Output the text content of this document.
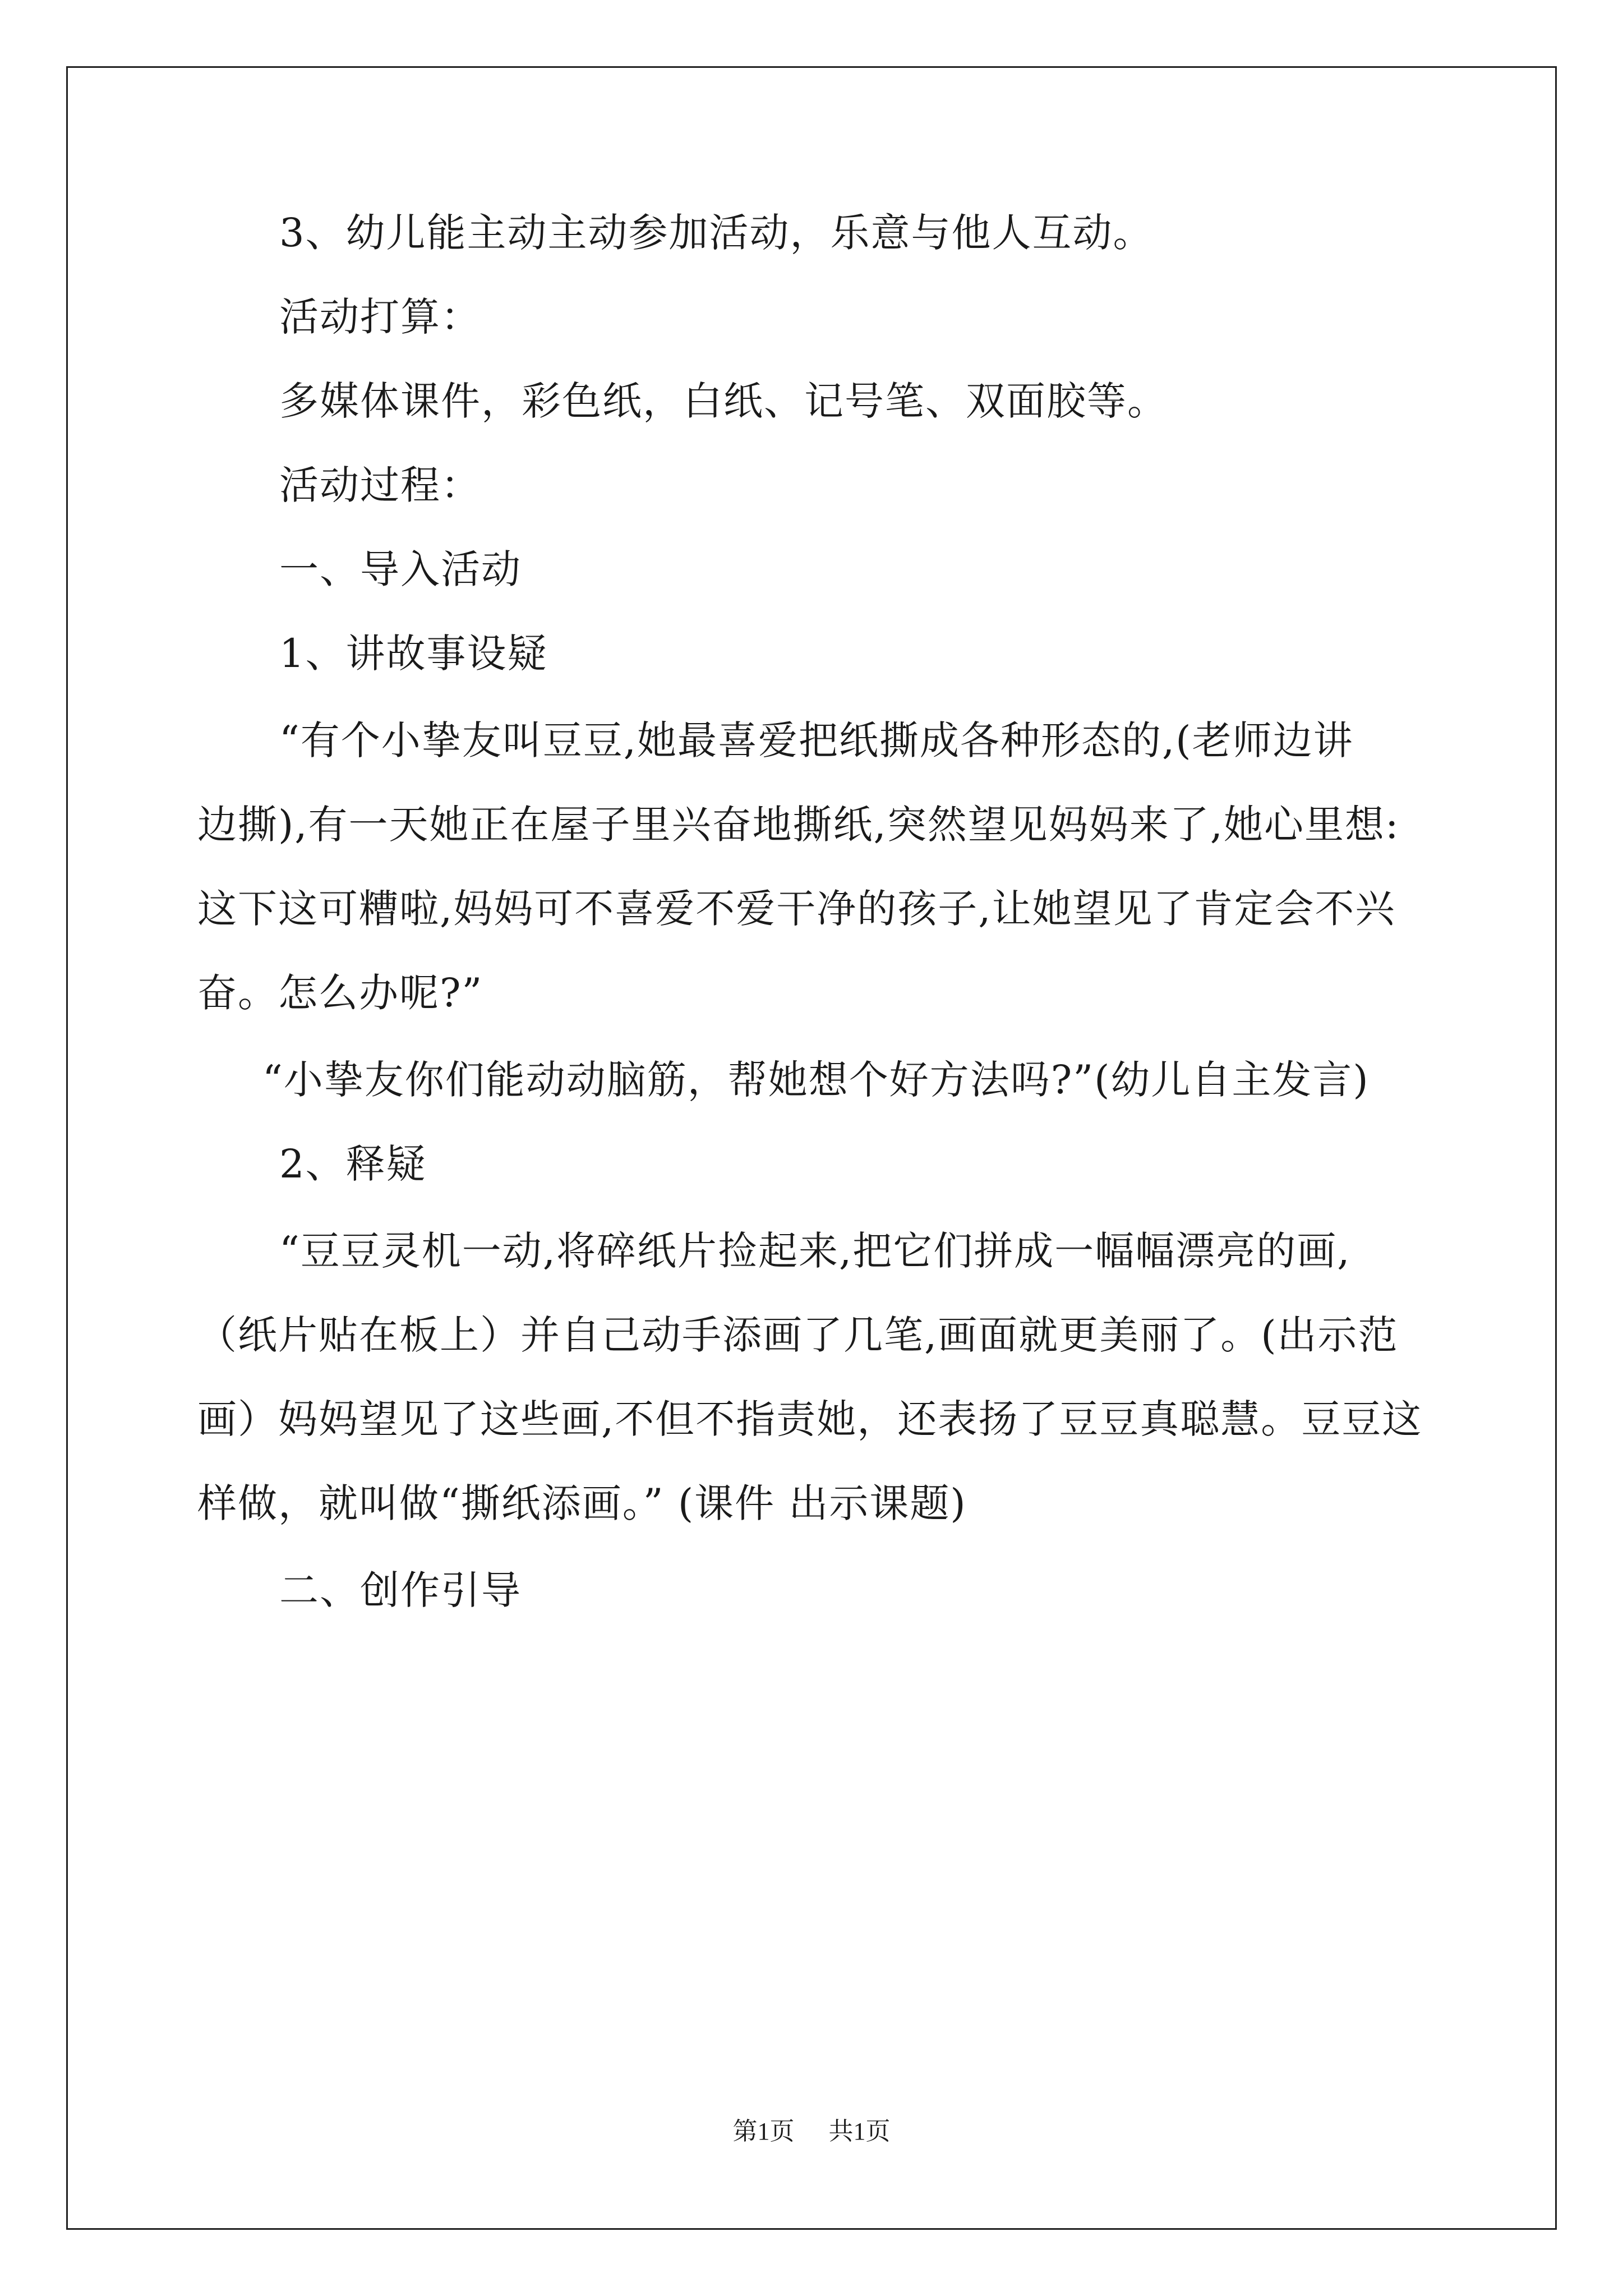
3、幼儿能主动主动参加活动，乐意与他人互动。
活动打算：
多媒体课件，彩色纸，白纸、记号笔、双面胶等。
活动过程：
一、导入活动
1、讲故事设疑
“有个小挚友叫豆豆,她最喜爱把纸撕成各种形态的,(老师边讲
边撕),有一天她正在屋子里兴奋地撕纸,突然望见妈妈来了,她心里想:
这下这可糟啦,妈妈可不喜爱不爱干净的孩子,让她望见了肯定会不兴
奋。怎么办呢?”
“小挚友你们能动动脑筋，帮她想个好方法吗?”(幼儿自主发言)
2、释疑
“豆豆灵机一动,将碎纸片捡起来,把它们拼成一幅幅漂亮的画,
（纸片贴在板上）并自己动手添画了几笔,画面就更美丽了。(出示范
画）妈妈望见了这些画,不但不指责她，还表扬了豆豆真聪慧。豆豆这
样做，就叫做“撕纸添画。” (课件 出示课题)
二、创作引导
第1页 共1页
